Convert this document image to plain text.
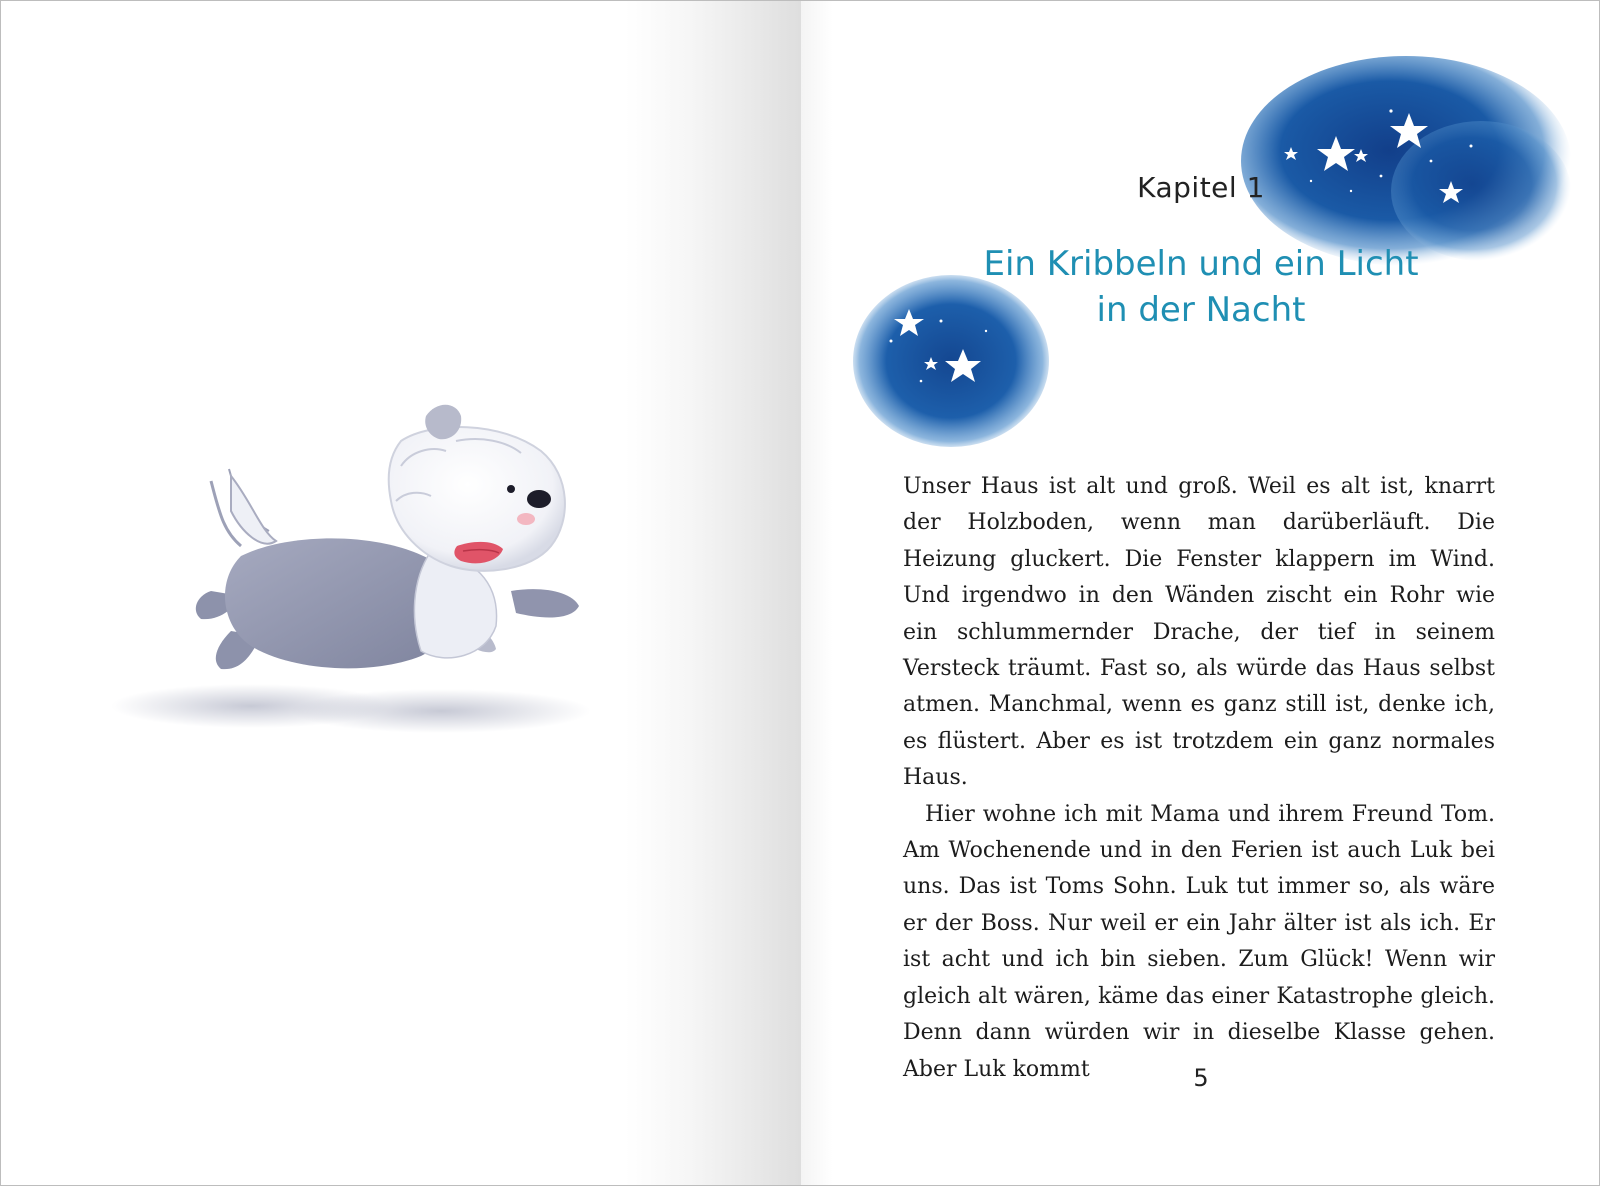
Kapitel 1
Ein Kribbeln und ein Licht
in der Nacht

Unser Haus ist alt und groß. Weil es alt ist, knarrt der Holzboden, wenn man darüberläuft. Die Heizung gluckert. Die Fenster klappern im Wind. Und irgendwo in den Wänden zischt ein Rohr wie ein schlummernder Drache, der tief in seinem Versteck träumt. Fast so, als würde das Haus selbst atmen. Manchmal, wenn es ganz still ist, denke ich, es flüstert. Aber es ist trotzdem ein ganz normales Haus.

Hier wohne ich mit Mama und ihrem Freund Tom. Am Wochenende und in den Ferien ist auch Luk bei uns. Das ist Toms Sohn. Luk tut immer so, als wäre er der Boss. Nur weil er ein Jahr älter ist als ich. Er ist acht und ich bin sieben. Zum Glück! Wenn wir gleich alt wären, käme das einer Katastrophe gleich. Denn dann würden wir in dieselbe Klasse gehen. Aber Luk kommt	5
